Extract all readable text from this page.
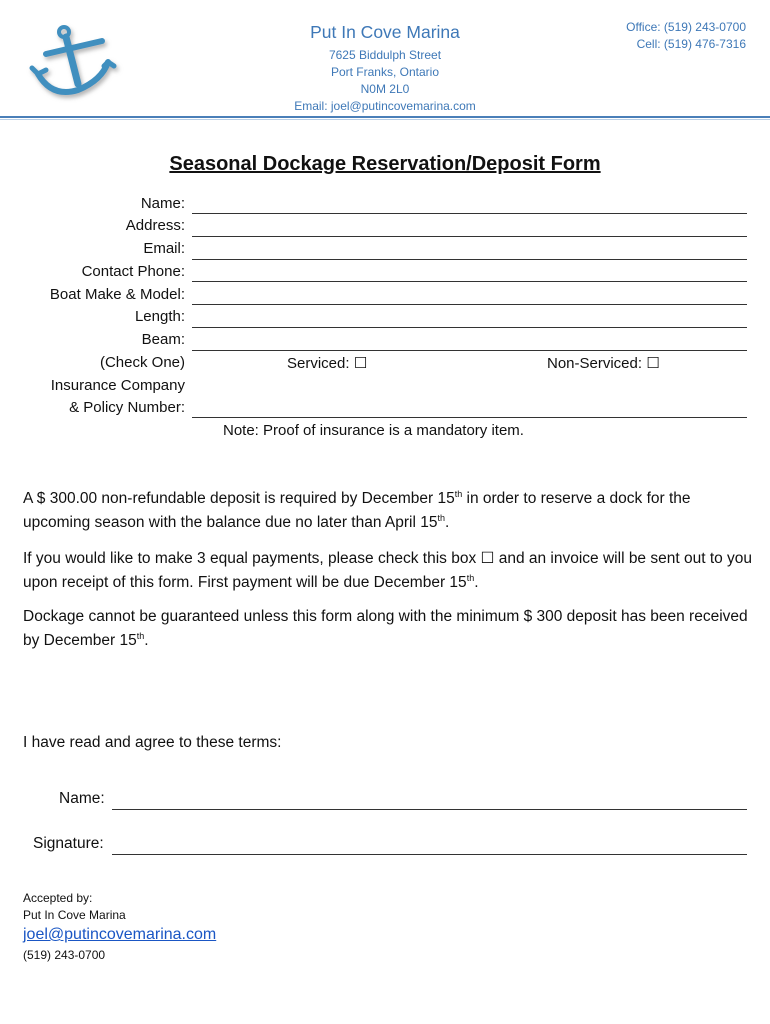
Put In Cove Marina
7625 Biddulph Street
Port Franks, Ontario
N0M 2L0
Email: joel@putincovemarina.com
Office: (519) 243-0700
Cell: (519) 476-7316
Seasonal Dockage Reservation/Deposit Form
Name:
Address:
Email:
Contact Phone:
Boat Make & Model:
Length:
Beam:
(Check One)	Serviced: ☐	Non-Serviced: ☐
Insurance Company
& Policy Number:
Note: Proof of insurance is a mandatory item.
A $ 300.00 non-refundable deposit is required by December 15th in order to reserve a dock for the upcoming season with the balance due no later than April 15th.
If you would like to make 3 equal payments, please check this box ☐ and an invoice will be sent out to you upon receipt of this form. First payment will be due December 15th.
Dockage cannot be guaranteed unless this form along with the minimum $ 300 deposit has been received by December 15th.
I have read and agree to these terms:
Name:
Signature:
Accepted by:
Put In Cove Marina
joel@putincovemarina.com
(519) 243-0700
